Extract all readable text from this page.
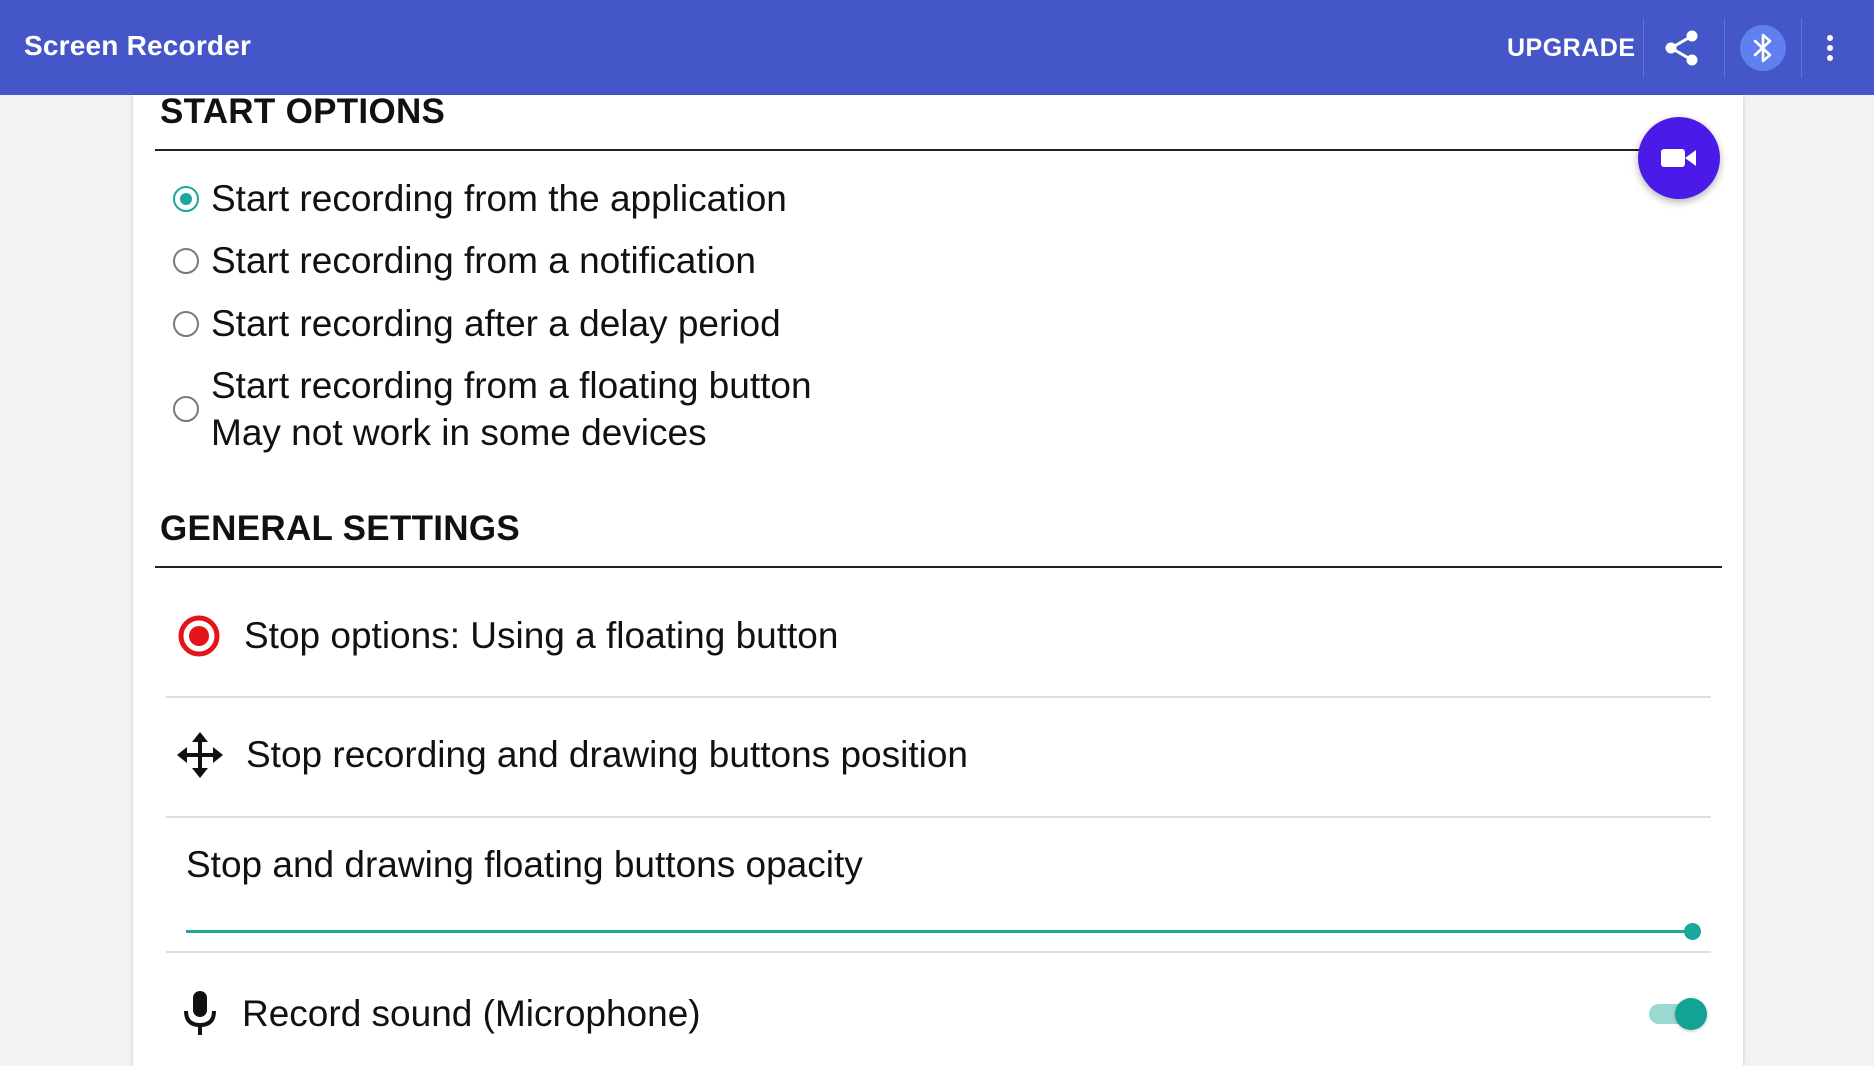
Screen Recorder	UPGRADE
START OPTIONS
Start recording from the application
Start recording from a notification
Start recording after a delay period
Start recording from a floating button
May not work in some devices
GENERAL SETTINGS
Stop options: Using a floating button
Stop recording and drawing buttons position
Stop and drawing floating buttons opacity
Record sound (Microphone)
